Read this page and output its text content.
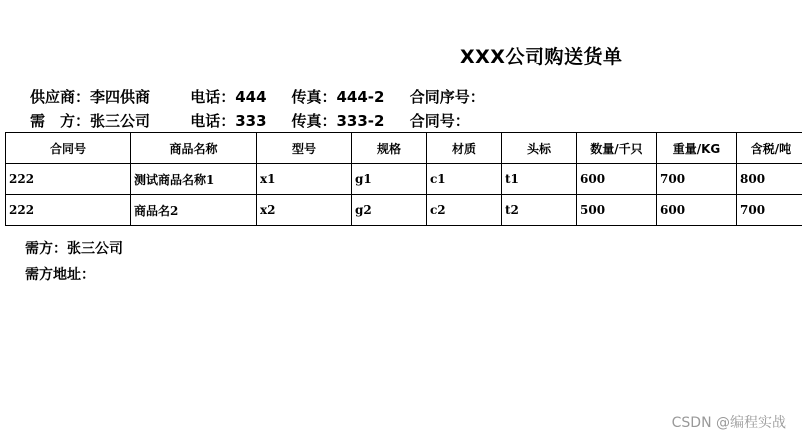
XXX公司购送货单
供应商：李四供商	电话：444 传真：444-2 合同序号：
需　方：张三公司	电话：333 传真：333-2 合同号：
合同号	商品名称	型号	规格	材质	头标	数量/千只	重量/KG	含税/吨
222	测试商品名称1	x1	g1	c1	t1	600	700	800
222	商品名2	x2	g2	c2	t2	500	600	700
需方：张三公司
需方地址：
CSDN @编程实战
